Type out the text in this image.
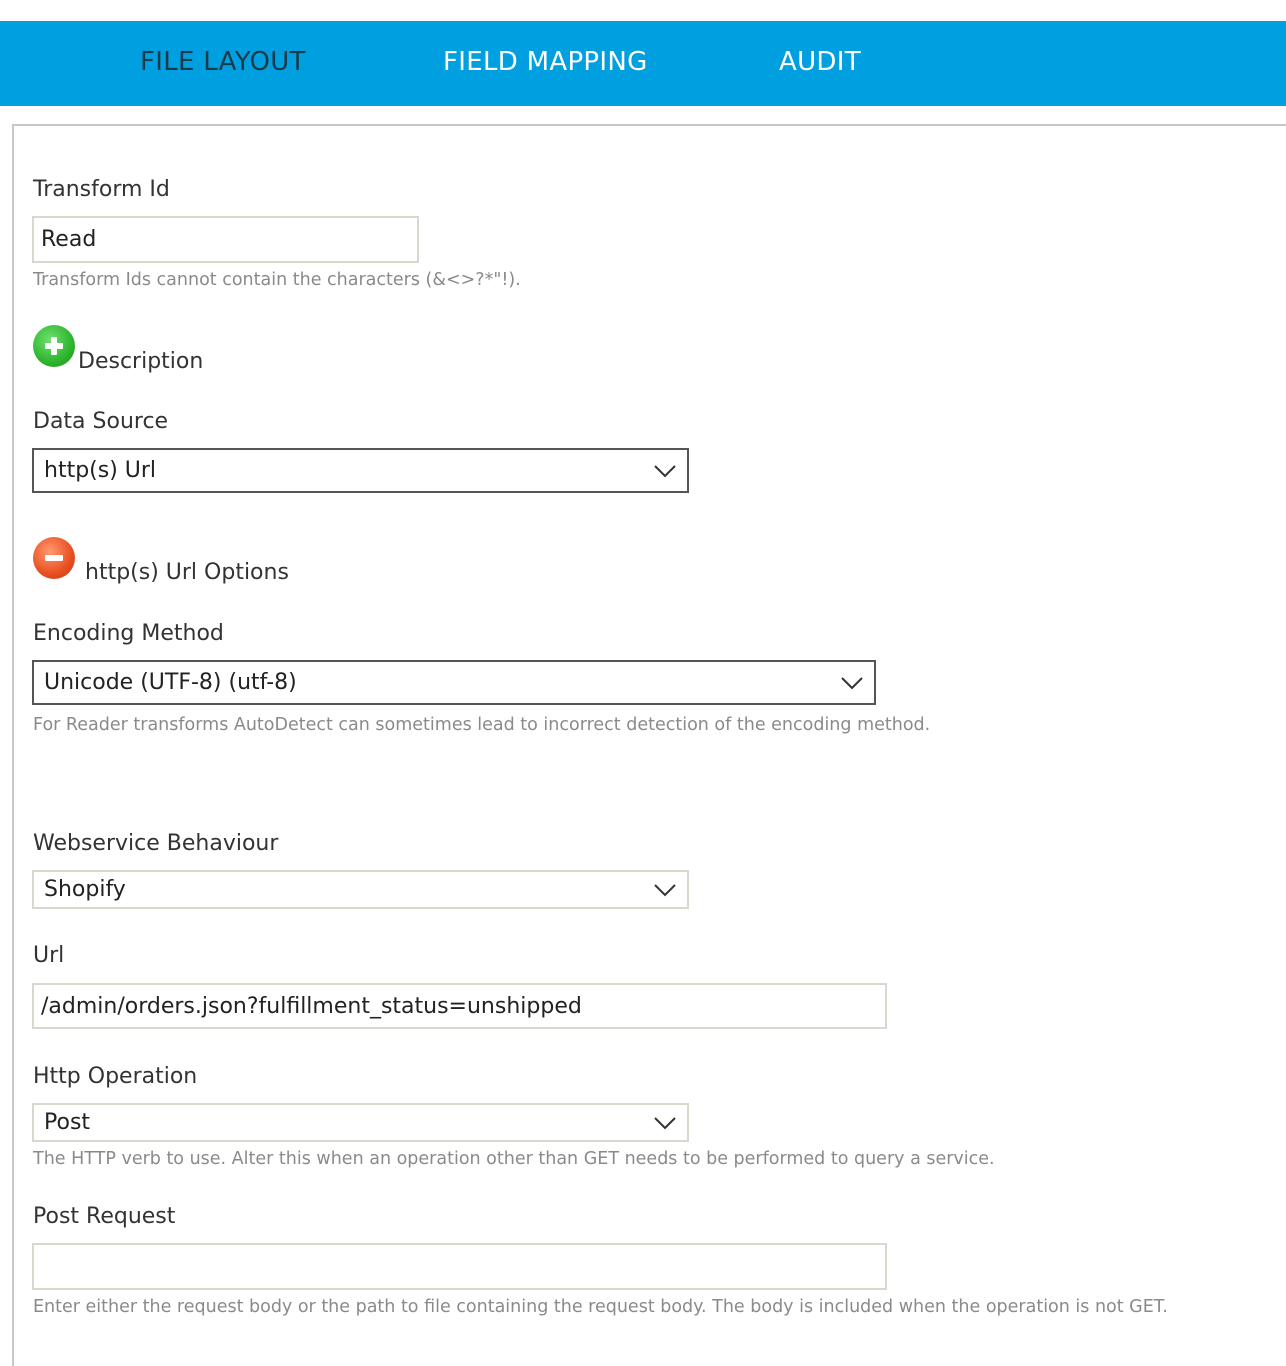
FILE LAYOUT	FIELD MAPPING	AUDIT
Transform Id
Read
Transform Ids cannot contain the characters (&<>?*"!).
Description
Data Source
http(s) Url
http(s) Url Options
Encoding Method
Unicode (UTF-8) (utf-8)
For Reader transforms AutoDetect can sometimes lead to incorrect detection of the encoding method.
Webservice Behaviour
Shopify
Url
/admin/orders.json?fulfillment_status=unshipped
Http Operation
Post
The HTTP verb to use. Alter this when an operation other than GET needs to be performed to query a service.
Post Request
Enter either the request body or the path to file containing the request body. The body is included when the operation is not GET.
